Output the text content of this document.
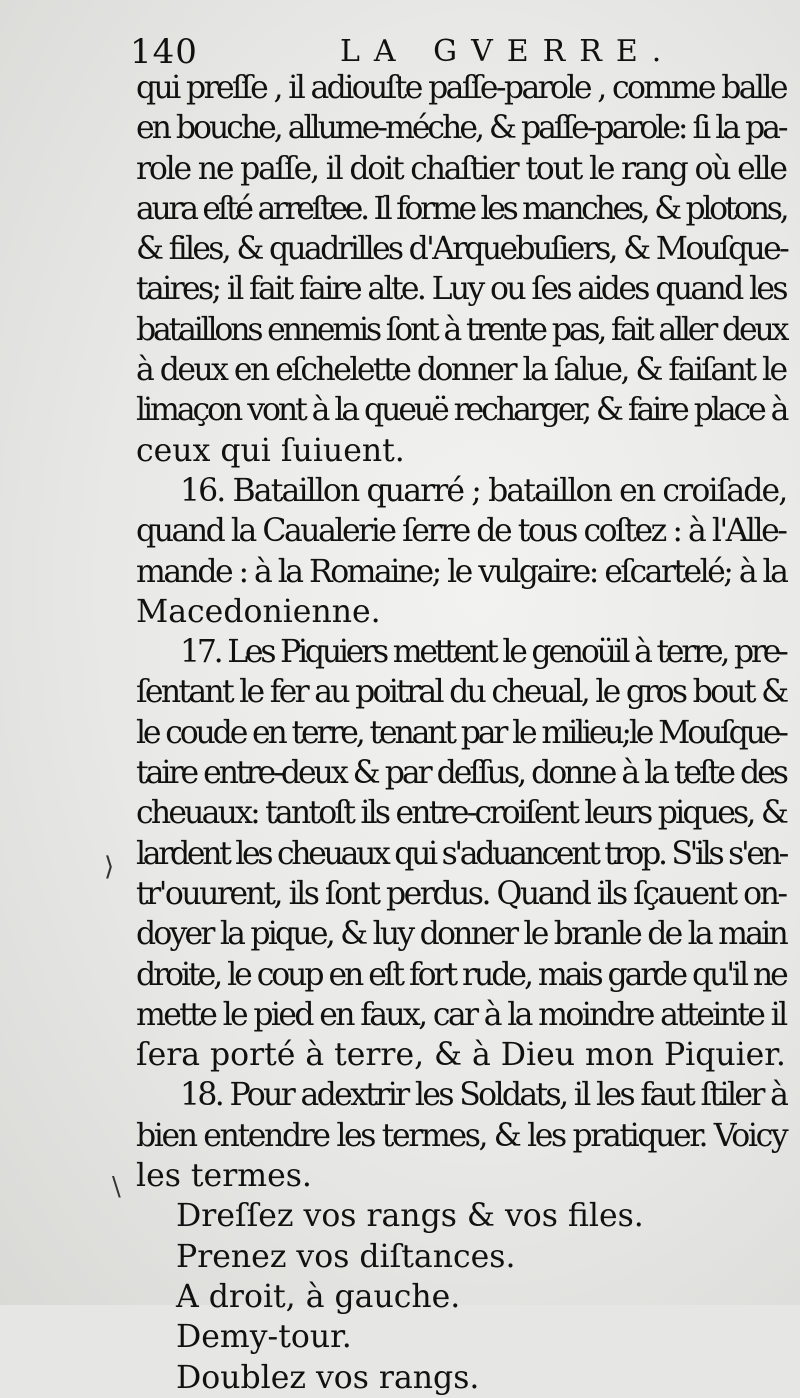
140	LA GVERRE.
qui preſſe , il adiouſte paſſe-parole , comme balle
en bouche, allume-méche, & paſſe-parole: ſi la pa-
role ne paſſe, il doit chaſtier tout le rang où elle
aura eſté arreſtee. Il forme les manches, & plotons,
& files, & quadrilles d'Arquebuſiers, & Mouſque-
taires; il fait faire alte. Luy ou ſes aides quand les
bataillons ennemis ſont à trente pas, fait aller deux
à deux en eſchelette donner la ſalue, & faiſant le
limaçon vont à la queuë recharger, & faire place à
ceux qui ſuiuent.
16. Bataillon quarré ; bataillon en croiſade,
quand la Caualerie ſerre de tous coſtez : à l'Alle-
mande : à la Romaine; le vulgaire: eſcartelé; à la
Macedonienne.
17. Les Piquiers mettent le genoüil à terre, pre-
ſentant le fer au poitral du cheual, le gros bout &
le coude en terre, tenant par le milieu;le Mouſque-
taire entre-deux & par deſſus, donne à la teſte des
cheuaux: tantoſt ils entre-croiſent leurs piques, &
lardent les cheuaux qui s'aduancent trop. S'ils s'en-
tr'ouurent, ils ſont perdus. Quand ils ſçauent on-
doyer la pique, & luy donner le branle de la main
droite, le coup en eſt fort rude, mais garde qu'il ne
mette le pied en faux, car à la moindre atteinte il
ſera porté à terre, & à Dieu mon Piquier.
18. Pour adextrir les Soldats, il les faut ſtiler à
bien entendre les termes, & les pratiquer. Voicy
les termes.
Dreſſez vos rangs & vos files.
Prenez vos diſtances.
A droit, à gauche.
Demy-tour.
Doublez vos rangs.
⟩
\
